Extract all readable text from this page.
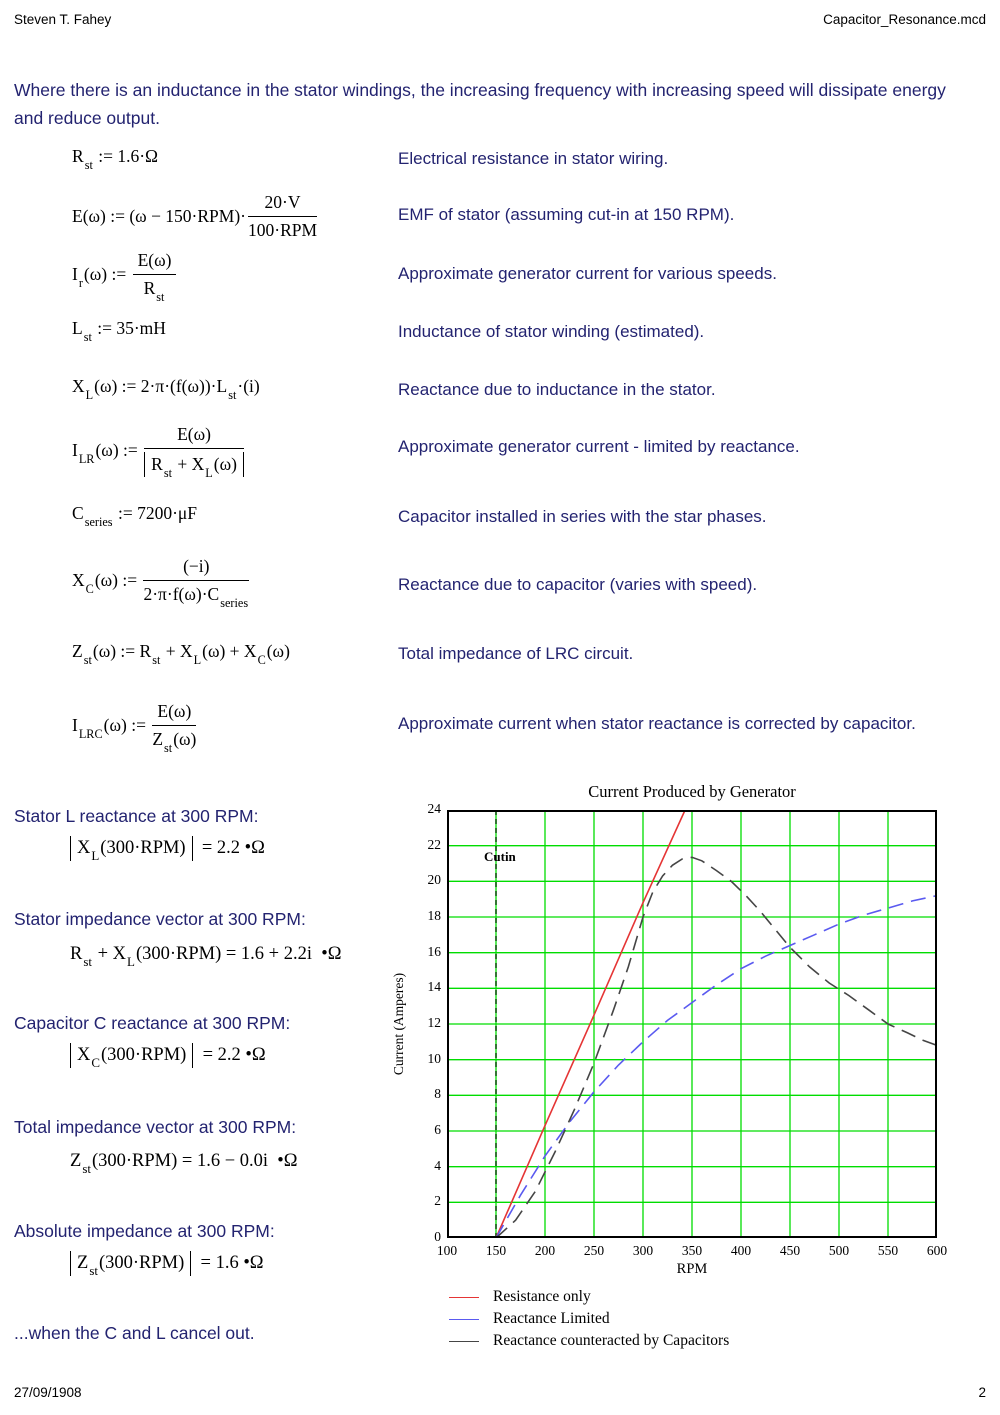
Steven T. Fahey	Capacitor_Resonance.mcd
Where there is an inductance in the stator windings, the increasing frequency with increasing speed will dissipate energy and reduce output.
$R_{st}$ := 1.6·Ω	Electrical resistance in stator wiring.
E(ω) := $(\omega - 150\cdot RPM)\cdot \frac{20\cdot V}{\text{100·RPM}}$	EMF of stator (assuming cut-in at 150 RPM).
$I_r(\omega)$ := $\frac{E(\omega)}{R_{st}}$	Approximate generator current for various speeds.
$L_{st}$ := 35·mH	Inductance of stator winding (estimated).
$X_L(\omega)$ := $2\cdot\pi\cdot(f(\omega))\cdot L_{st}\cdot(i)$	Reactance due to inductance in the stator.
$I_{LR}(\omega)$ := $\frac{E(\omega)}{R_{st} + X_L(\omega)}$	Approximate generator current - limited by reactance.
$C_{series}$ := 7200·μF	Capacitor installed in series with the star phases.
$X_C(\omega)$ := $\frac{(-i)}{2\cdot\pi\cdot f(\omega)\cdot C_{series}}$	Reactance due to capacitor (varies with speed).
$Z_{st}(\omega)$ := $R_{st} + X_L(\omega) + X_C(\omega)$	Total impedance of LRC circuit.
$I_{LRC}(\omega)$ := $\frac{E(\omega)}{Z_{st}(\omega)}$	Approximate current when stator reactance is corrected by capacitor.
Stator L reactance at 300 RPM:
$X_L(300\cdot RPM) = 2.2$ •Ω
Stator impedance vector at 300 RPM:
$R_{st} + X_L(300\cdot RPM) = 1.6 + 2.2i$  •Ω
Capacitor C reactance at 300 RPM:
$X_C(300\cdot RPM) = 2.2$ •Ω
Total impedance vector at 300 RPM:
$Z_{st}(300\cdot RPM) = 1.6 - 0.0i$  •Ω
Absolute impedance at 300 RPM:
$Z_{st}(300\cdot RPM) = 1.6$ •Ω
...when the C and L cancel out.
Current Produced by Generator
0
2
4
6
8
10
12
14
16
18
20
22
24
100	150	200	250	300	350	400	450	500	550	600
Current (Amperes)
RPM
Cutin
Resistance only
Reactance Limited
Reactance counteracted by Capacitors
27/09/1908	2
